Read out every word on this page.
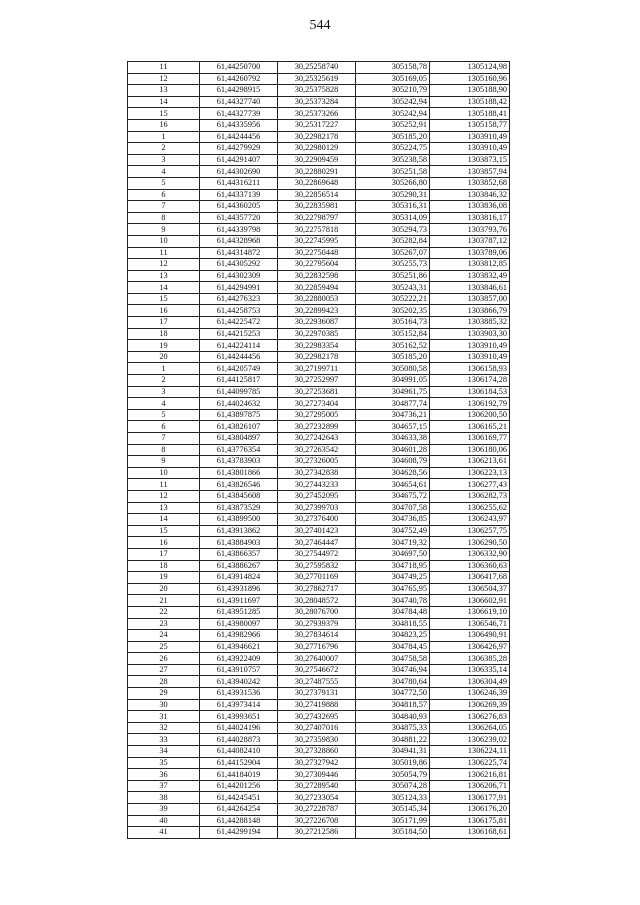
544
11	61,44250700	30,25258740	305158,78	1305124,98
12	61,44260792	30,25325619	305169,05	1305160,96
13	61,44298915	30,25375828	305210,79	1305188,90
14	61,44327740	30,25373284	305242,94	1305188,42
15	61,44327739	30,25373266	305242,94	1305188,41
16	61,44335956	30,25317227	305252,91	1305158,77
1	61,44244456	30,22982178	305185,20	1303910,49
2	61,44279929	30,22980129	305224,75	1303910,49
3	61,44291407	30,22909459	305238,58	1303873,15
4	61,44302690	30,22880291	305251,58	1303857,94
5	61,44316211	30,22869648	305266,80	1303852,68
6	61,44337139	30,22856514	305290,31	1303846,32
7	61,44360205	30,22835981	305316,31	1303836,08
8	61,44357720	30,22798797	305314,09	1303816,17
9	61,44339798	30,22757818	305294,73	1303793,76
10	61,44328968	30,22745995	305282,84	1303787,12
11	61,44314872	30,22750448	305267,07	1303789,06
12	61,44305292	30,22795604	305255,73	1303812,85
13	61,44302309	30,22832598	305251,86	1303832,49
14	61,44294991	30,22859494	305243,31	1303846,61
15	61,44276323	30,22880053	305222,21	1303857,00
16	61,44258753	30,22899423	305202,35	1303866,79
17	61,44225472	30,22936087	305164,73	1303885,32
18	61,44215253	30,22970385	305152,84	1303903,30
19	61,44224114	30,22983354	305162,52	1303910,49
20	61,44244456	30,22982178	305185,20	1303910,49
1	61,44205749	30,27199711	305080,58	1306158,93
2	61,44125817	30,27252997	304991,05	1306174,28
3	61,44099785	30,27253681	304961,75	1306184,53
4	61,44024632	30,27273404	304877,74	1306192,79
5	61,43897875	30,27295005	304736,21	1306200,50
6	61,43826107	30,27232899	304657,15	1306165,21
7	61,43804897	30,27242643	304633,38	1306169,77
8	61,43776354	30,27263542	304601,28	1306180,06
9	61,43783903	30,27326005	304608,79	1306213,61
10	61,43801866	30,27342838	304628,56	1306223,13
11	61,43826546	30,27443233	304654,61	1306277,43
12	61,43845608	30,27452095	304675,72	1306282,73
13	61,43873529	30,27399703	304707,58	1306255,62
14	61,43899500	30,27376400	304736,85	1306243,97
15	61,43913862	30,27401423	304752,49	1306257,75
16	61,43884903	30,27464447	304719,32	1306290,50
17	61,43866357	30,27544972	304697,50	1306332,90
18	61,43886267	30,27595832	304718,95	1306360,63
19	61,43914824	30,27701169	304749,25	1306417,68
20	61,43931896	30,27862717	304765,95	1306504,37
21	61,43911697	30,28048572	304740,78	1306602,91
22	61,43951285	30,28076700	304784,48	1306619,10
23	61,43980097	30,27939379	304818,55	1306546,71
24	61,43982966	30,27834614	304823,25	1306490,91
25	61,43946621	30,27716796	304784,45	1306426,97
26	61,43922409	30,27640007	304758,58	1306385,28
27	61,43910757	30,27546672	304746,94	1306335,14
28	61,43940242	30,27487555	304780,64	1306304,49
29	61,43931536	30,27379131	304772,50	1306246,39
30	61,43973414	30,27419888	304818,57	1306269,39
31	61,43993651	30,27432695	304840,93	1306276,83
32	61,44024196	30,27407016	304875,33	1306264,05
33	61,44028873	30,27359830	304881,22	1306239,02
34	61,44082410	30,27328860	304941,31	1306224,11
35	61,44152904	30,27327942	305019,86	1306225,74
36	61,44184019	30,27309446	305054,79	1306216,81
37	61,44201256	30,27289540	305074,28	1306206,71
38	61,44245451	30,27233054	305124,33	1306177,91
39	61,44264254	30,27228787	305145,34	1306176,20
40	61,44288148	30,27226708	305171,99	1306175,81
41	61,44299194	30,27212586	305184,50	1306168,61
